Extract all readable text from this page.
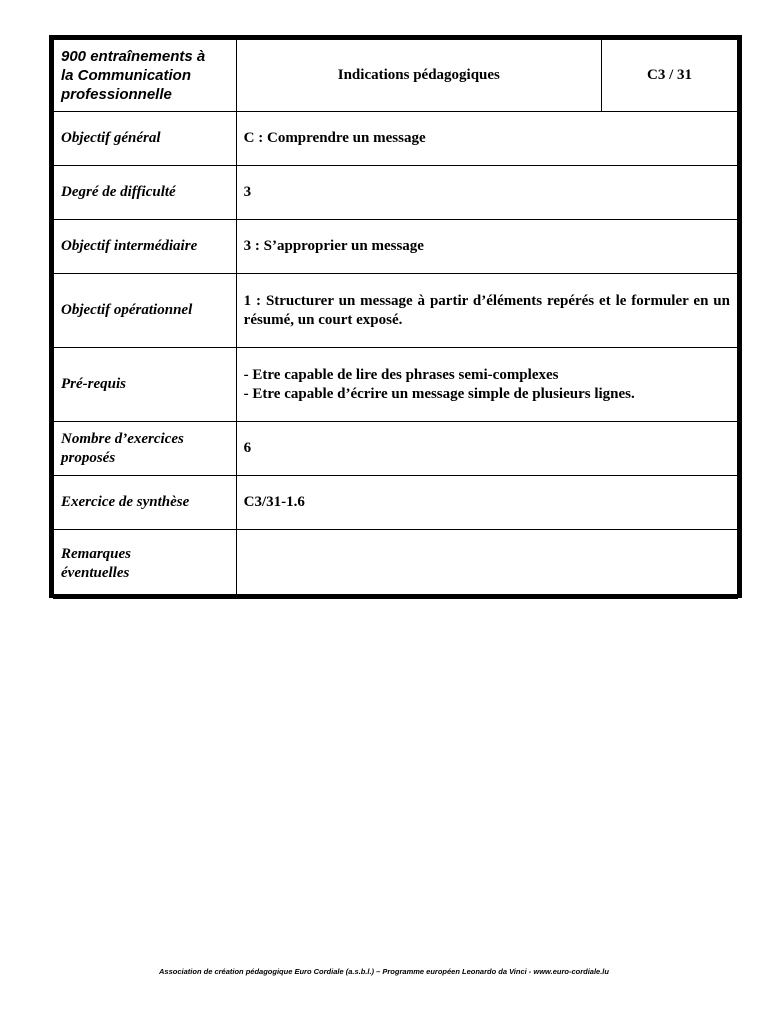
900 entraînements à
la Communication
professionnelle	Indications pédagogiques		C3 / 31
Objectif général	C : Comprendre un message		
Degré de difficulté	3		
Objectif intermédiaire	3 : S’approprier un message		
Objectif opérationnel	1 : Structurer un message à partir d’éléments repérés et le formuler en un résumé, un court exposé.		
Pré-requis	- Etre capable de lire des phrases semi-complexes
- Etre capable d’écrire un message simple de plusieurs lignes.		
Nombre d’exercices
proposés	6		
Exercice de synthèse	C3/31-1.6		
Remarques
éventuelles			

Association de création pédagogique Euro Cordiale (a.s.b.l.) – Programme européen Leonardo da Vinci - www.euro-cordiale.lu
